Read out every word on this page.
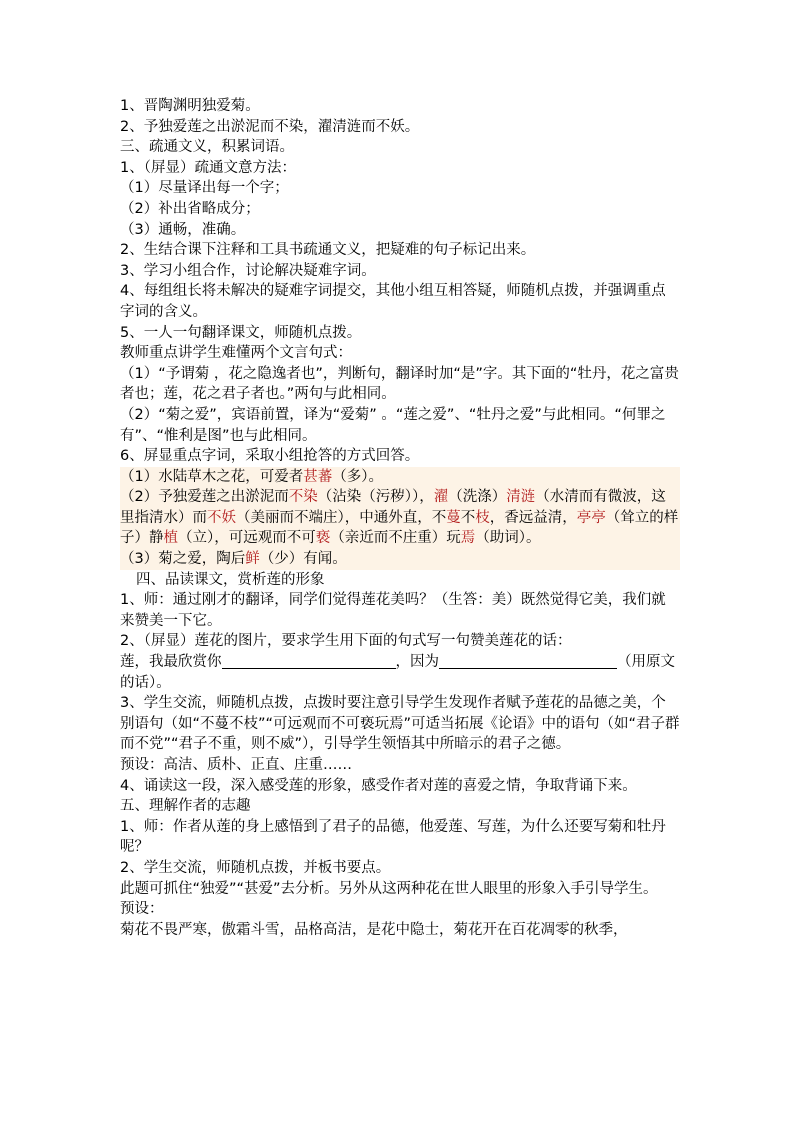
1、晋陶渊明独爱菊。
2、予独爱莲之出淤泥而不染，濯清涟而不妖。
三、疏通文义，积累词语。
1、（屏显）疏通文意方法：
（1）尽量译出每一个字；
（2）补出省略成分；
（3）通畅，准确。
2、生结合课下注释和工具书疏通文义，把疑难的句子标记出来。
3、学习小组合作，讨论解决疑难字词。
4、每组组长将未解决的疑难字词提交，其他小组互相答疑，师随机点拨，并强调重点字词的含义。
5、一人一句翻译课文，师随机点拨。
教师重点讲学生难懂两个文言句式：
（1）“予谓菊 ，花之隐逸者也”，判断句，翻译时加“是”字。其下面的“牡丹，花之富贵者也；莲，花之君子者也。”两句与此相同。
（2）“菊之爱”，宾语前置，译为“爱菊” 。“莲之爱”、“牡丹之爱”与此相同。“何罪之有”、“惟利是图”也与此相同。
6、屏显重点字词，采取小组抢答的方式回答。
（1）水陆草木之花，可爱者甚蕃（多）。
（2）予独爱莲之出淤泥而不染（沾染（污秽）），濯（洗涤）清涟（水清而有微波，这里指清水）而不妖（美丽而不端庄），中通外直，不蔓不枝，香远益清，亭亭（耸立的样子）静植（立），可远观而不可亵（亲近而不庄重）玩焉（助词）。
（3）菊之爱，陶后鲜（少）有闻。
四、品读课文，赏析莲的形象
1、师：通过刚才的翻译，同学们觉得莲花美吗？（生答：美）既然觉得它美，我们就来赞美一下它。
2、（屏显）莲花的图片，要求学生用下面的句式写一句赞美莲花的话：
莲，我最欣赏你	，因为	（用原文的话）。
3、学生交流，师随机点拨，点拨时要注意引导学生发现作者赋予莲花的品德之美，个别语句（如“不蔓不枝”“可远观而不可亵玩焉”可适当拓展《论语》中的语句（如“君子群而不党”“君子不重，则不威”），引导学生领悟其中所暗示的君子之德。
预设：高洁、质朴、正直、庄重……
4、诵读这一段，深入感受莲的形象，感受作者对莲的喜爱之情，争取背诵下来。
五、理解作者的志趣
1、师：作者从莲的身上感悟到了君子的品德，他爱莲、写莲，为什么还要写菊和牡丹呢？
2、学生交流，师随机点拨，并板书要点。
此题可抓住“独爱”“甚爱”去分析。另外从这两种花在世人眼里的形象入手引导学生。
预设：
菊花不畏严寒，傲霜斗雪，品格高洁，是花中隐士，菊花开在百花凋零的秋季，
